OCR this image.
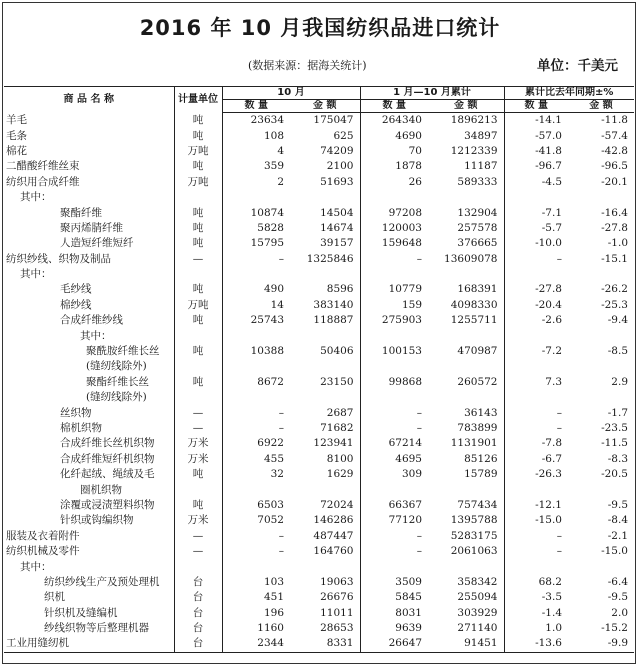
2016 年 10 月我国纺织品进口统计
(数据来源：据海关统计)	单位：千美元
商 品 名 称	计量单位	10 月		1 月—10 月累计		累计比去年同期±%	
		数 量	金 额	数 量	金 额	数 量	金 额
羊毛	吨	23634	175047	264340	1896213	-14.1	-11.8
毛条	吨	108	625	4690	34897	-57.0	-57.4
棉花	万吨	4	74209	70	1212339	-41.8	-42.8
二醋酸纤维丝束	吨	359	2100	1878	11187	-96.7	-96.5
纺织用合成纤维	万吨	2	51693	26	589333	-4.5	-20.1
其中：							
聚酯纤维	吨	10874	14504	97208	132904	-7.1	-16.4
聚丙烯腈纤维	吨	5828	14674	120003	257578	-5.7	-27.8
人造短纤维短纤	吨	15795	39157	159648	376665	-10.0	-1.0
纺织纱线、织物及制品	—	–	1325846	–	13609078	–	-15.1
其中：							
毛纱线	吨	490	8596	10779	168391	-27.8	-26.2
棉纱线	万吨	14	383140	159	4098330	-20.4	-25.3
合成纤维纱线	吨	25743	118887	275903	1255711	-2.6	-9.4
其中：							
聚酰胺纤维长丝	吨	10388	50406	100153	470987	-7.2	-8.5
(缝纫线除外)							
聚酯纤维长丝	吨	8672	23150	99868	260572	7.3	2.9
(缝纫线除外)							
丝织物	—	–	2687	–	36143	–	-1.7
棉机织物	—	–	71682	–	783899	–	-23.5
合成纤维长丝机织物	万米	6922	123941	67214	1131901	-7.8	-11.5
合成纤维短纤机织物	万米	455	8100	4695	85126	-6.7	-8.3
化纤起绒、绳绒及毛	吨	32	1629	309	15789	-26.3	-20.5
圈机织物							
涂覆或浸渍塑料织物	吨	6503	72024	66367	757434	-12.1	-9.5
针织或钩编织物	万米	7052	146286	77120	1395788	-15.0	-8.4
服装及衣着附件	—	–	487447	–	5283175	–	-2.1
纺织机械及零件	—	–	164760	–	2061063	–	-15.0
其中：							
纺织纱线生产及预处理机	台	103	19063	3509	358342	68.2	-6.4
织机	台	451	26676	5845	255094	-3.5	-9.5
针织机及缝编机	台	196	11011	8031	303929	-1.4	2.0
纱线织物等后整理机器	台	1160	28653	9639	271140	1.0	-15.2
工业用缝纫机	台	2344	8331	26647	91451	-13.6	-9.9
